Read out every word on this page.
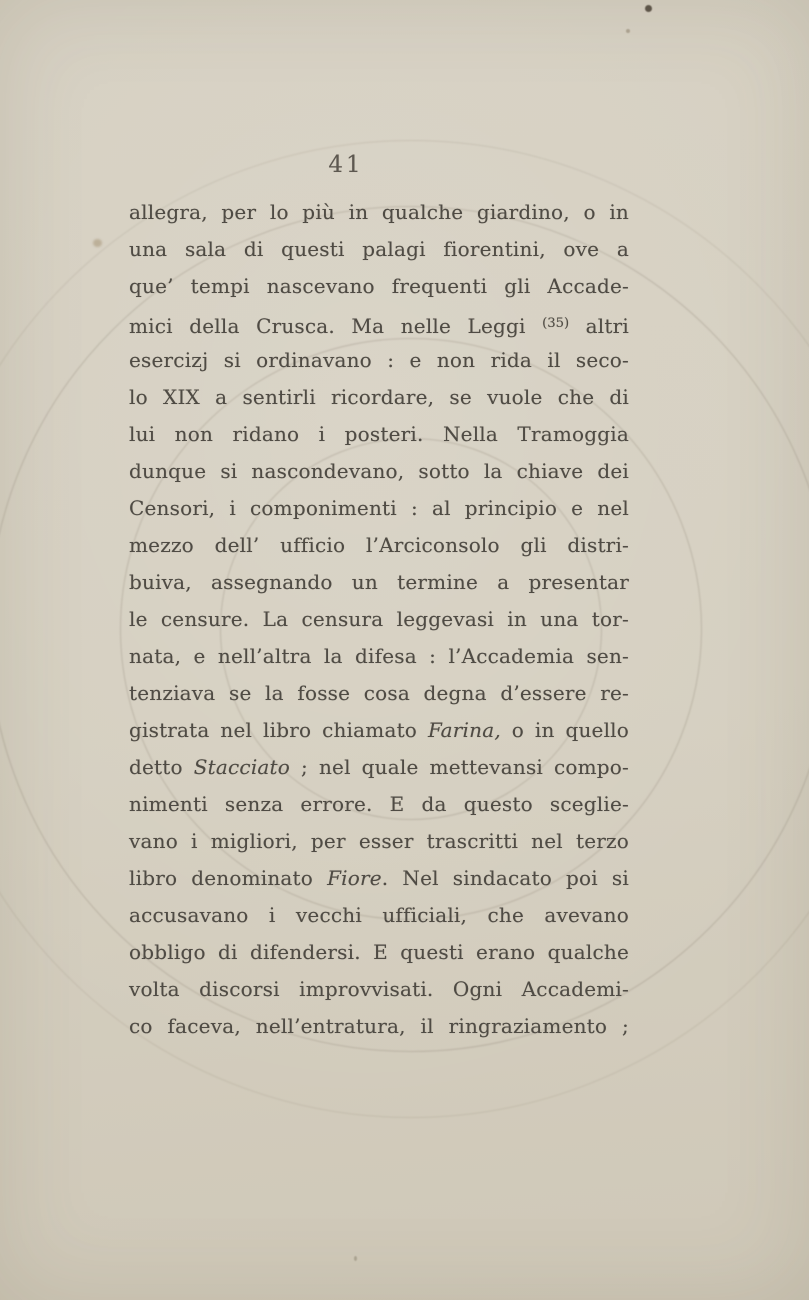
41
allegra, per lo più in qualche giardino, o in
una sala di questi palagi fiorentini, ove a
que’ tempi nascevano frequenti gli Accade-
mici della Crusca. Ma nelle Leggi (35) altri
esercizj si ordinavano : e non rida il seco-
lo XIX a sentirli ricordare, se vuole che di
lui non ridano i posteri. Nella Tramoggia
dunque si nascondevano, sotto la chiave dei
Censori, i componimenti : al principio e nel
mezzo dell’ ufficio l’Arciconsolo gli distri-
buiva, assegnando un termine a presentar
le censure. La censura leggevasi in una tor-
nata, e nell’altra la difesa : l’Accademia sen-
tenziava se la fosse cosa degna d’essere re-
gistrata nel libro chiamato Farina, o in quello
detto Stacciato ; nel quale mettevansi compo-
nimenti senza errore. E da questo sceglie-
vano i migliori, per esser trascritti nel terzo
libro denominato Fiore. Nel sindacato poi si
accusavano i vecchi ufficiali, che avevano
obbligo di difendersi. E questi erano qualche
volta discorsi improvvisati. Ogni Accademi-
co faceva, nell’entratura, il ringraziamento ;
